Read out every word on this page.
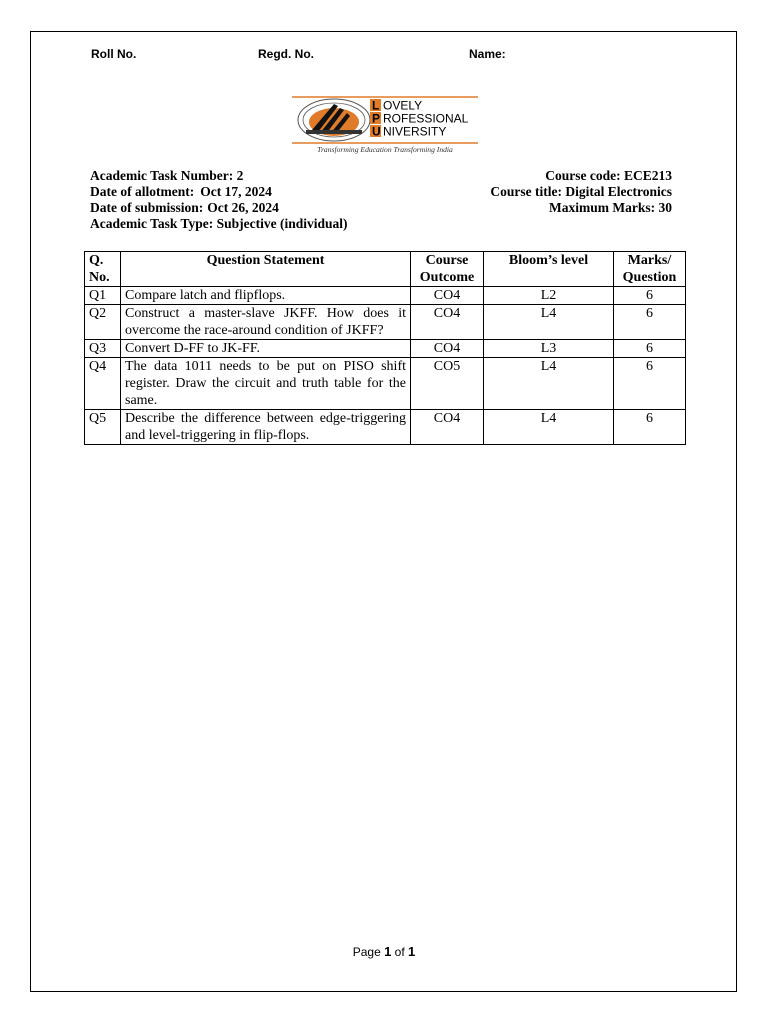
Roll No.	Regd. No.	Name:
L OVELY
P ROFESSIONAL
U NIVERSITY
Transforming Education Transforming India
Academic Task Number: 2
Date of allotment: Oct 17, 2024
Date of submission: Oct 26, 2024
Academic Task Type: Subjective (individual)
Course code: ECE213
Course title: Digital Electronics
Maximum Marks: 30
Q. No.	Question Statement	Course Outcome	Bloom’s level	Marks/ Question
Q1	Compare latch and flipflops.	CO4	L2	6
Q2	Construct a master-slave JKFF. How does it overcome the race-around condition of JKFF?	CO4	L4	6
Q3	Convert D-FF to JK-FF.	CO4	L3	6
Q4	The data 1011 needs to be put on PISO shift register. Draw the circuit and truth table for the same.	CO5	L4	6
Q5	Describe the difference between edge-triggering and level-triggering in flip-flops.	CO4	L4	6
Page 1 of 1
